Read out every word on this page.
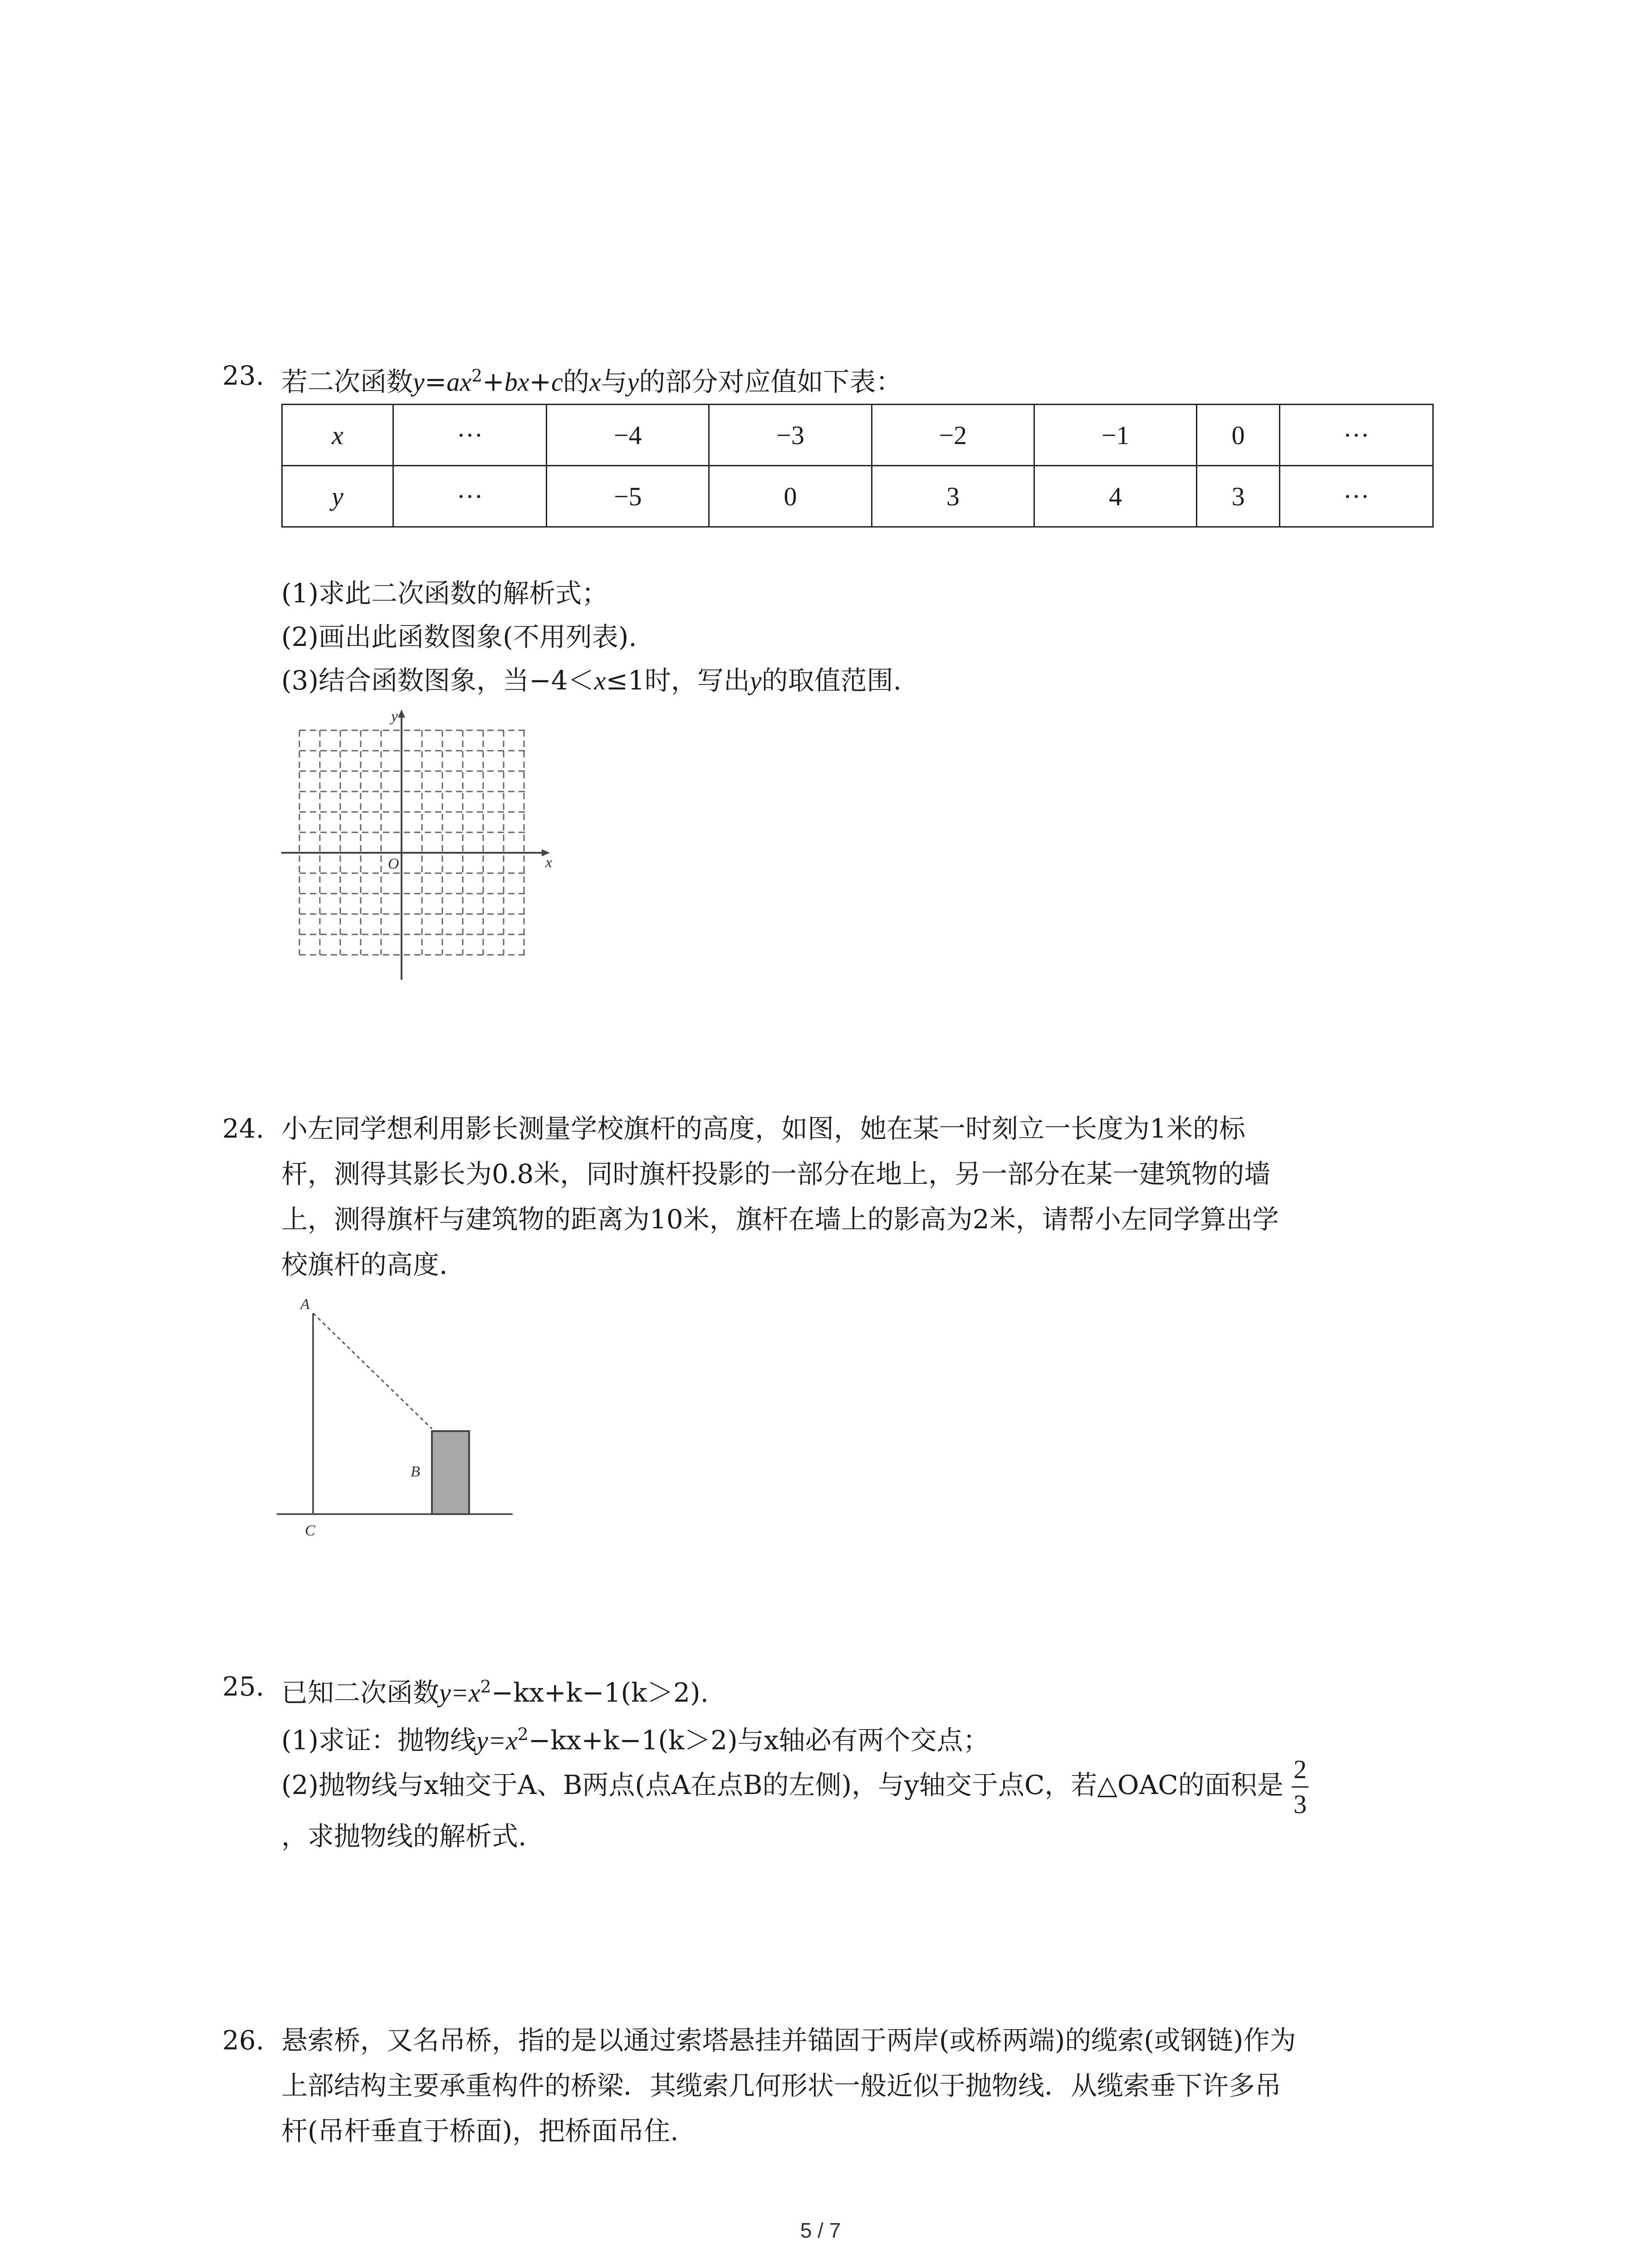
23. 若二次函数$y=ax^2+bx+c$的x与y的部分对应值如下表：
x	···	−4	−3	−2	−1	0	···
y	···	−5	0	3	4	3	···
(1)求此二次函数的解析式；
(2)画出此函数图象(不用列表).
(3)结合函数图象，当−4＜x≤1时，写出y的取值范围.
y
x
O
24. 小左同学想利用影长测量学校旗杆的高度，如图，她在某一时刻立一长度为1米的标
杆，测得其影长为0.8米，同时旗杆投影的一部分在地上，另一部分在某一建筑物的墙
上，测得旗杆与建筑物的距离为10米，旗杆在墙上的影高为2米，请帮小左同学算出学
校旗杆的高度.
A
B
C
25. 已知二次函数$y=x^2-kx+k-1(k>2)$.
(1)求证：抛物线$y=x^2-kx+k-1(k>2)$与x轴必有两个交点；
(2)抛物线与x轴交于A、B两点(点A在点B的左侧)，与y轴交于点C，若△OAC的面积是 $\frac{2}{3}$
，求抛物线的解析式.
26. 悬索桥，又名吊桥，指的是以通过索塔悬挂并锚固于两岸(或桥两端)的缆索(或钢链)作为
上部结构主要承重构件的桥梁．其缆索几何形状一般近似于抛物线．从缆索垂下许多吊
杆(吊杆垂直于桥面)，把桥面吊住.
5 / 7
